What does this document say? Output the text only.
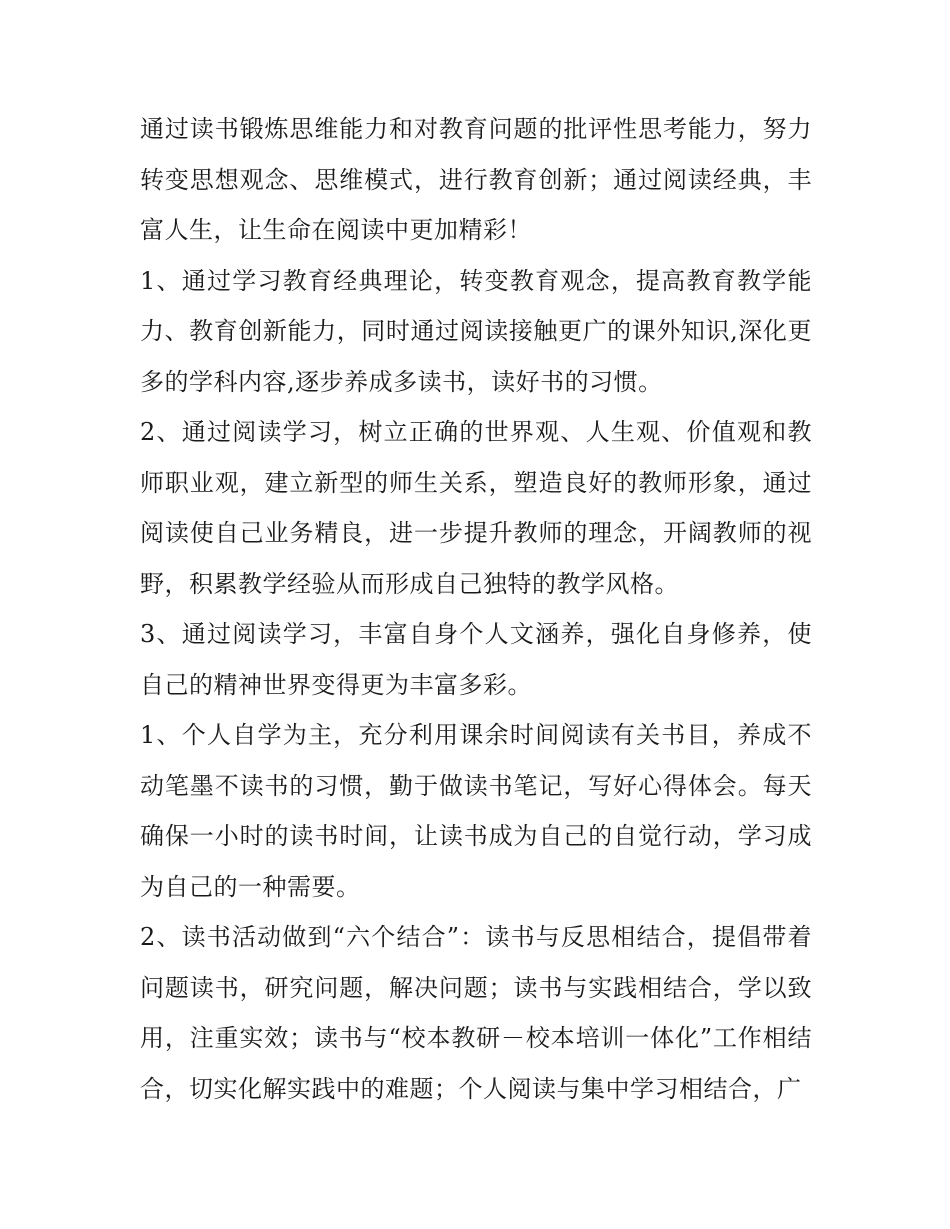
通过读书锻炼思维能力和对教育问题的批评性思考能力，努力转变思想观念、思维模式，进行教育创新；通过阅读经典，丰富人生，让生命在阅读中更加精彩！

1、通过学习教育经典理论，转变教育观念，提高教育教学能力、教育创新能力，同时通过阅读接触更广的课外知识,深化更多的学科内容,逐步养成多读书，读好书的习惯。

2、通过阅读学习，树立正确的世界观、人生观、价值观和教师职业观，建立新型的师生关系，塑造良好的教师形象，通过阅读使自己业务精良，进一步提升教师的理念，开阔教师的视野，积累教学经验从而形成自己独特的教学风格。

3、通过阅读学习，丰富自身个人文涵养，强化自身修养，使自己的精神世界变得更为丰富多彩。

1、个人自学为主，充分利用课余时间阅读有关书目，养成不动笔墨不读书的习惯，勤于做读书笔记，写好心得体会。每天确保一小时的读书时间，让读书成为自己的自觉行动，学习成为自己的一种需要。

2、读书活动做到“六个结合”：读书与反思相结合，提倡带着问题读书，研究问题，解决问题；读书与实践相结合，学以致用，注重实效；读书与“校本教研－校本培训一体化”工作相结合，切实化解实践中的难题；个人阅读与集中学习相结合，广
